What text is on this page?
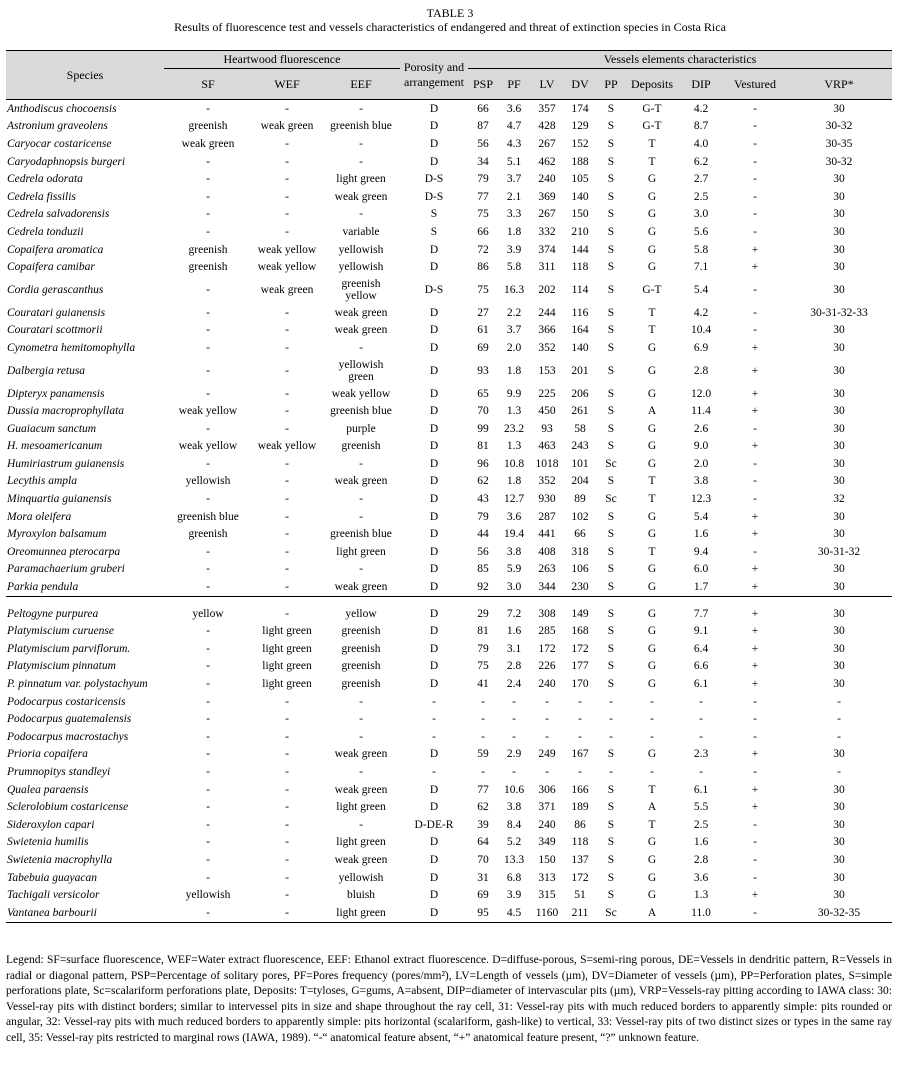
TABLE 3
Results of fluorescence test and vessels characteristics of endangered and threat of extinction species in Costa Rica
Species	Heartwood fluorescence			Porosity and
arrangement	Vessels elements characteristics								
	SF	WEF	EEF		PSP	PF	LV	DV	PP	Deposits	DIP	Vestured	VRP*
Anthodiscus chocoensis	-	-	-	D	66	3.6	357	174	S	G-T	4.2	-	30
Astronium graveolens	greenish	weak green	greenish blue	D	87	4.7	428	129	S	G-T	8.7	-	30-32
Caryocar costaricense	weak green	-	-	D	56	4.3	267	152	S	T	4.0	-	30-35
Caryodaphnopsis burgeri	-	-	-	D	34	5.1	462	188	S	T	6.2	-	30-32
Cedrela odorata	-	-	light green	D-S	79	3.7	240	105	S	G	2.7	-	30
Cedrela fissilis	-	-	weak green	D-S	77	2.1	369	140	S	G	2.5	-	30
Cedrela salvadorensis	-	-	-	S	75	3.3	267	150	S	G	3.0	-	30
Cedrela tonduzii	-	-	variable	S	66	1.8	332	210	S	G	5.6	-	30
Copaifera aromatica	greenish	weak yellow	yellowish	D	72	3.9	374	144	S	G	5.8	+	30
Copaifera camibar	greenish	weak yellow	yellowish	D	86	5.8	311	118	S	G	7.1	+	30
Cordia gerascanthus	-	weak green	greenish yellow	D-S	75	16.3	202	114	S	G-T	5.4	-	30
Couratari guianensis	-	-	weak green	D	27	2.2	244	116	S	T	4.2	-	30-31-32-33
Couratari scottmorii	-	-	weak green	D	61	3.7	366	164	S	T	10.4	-	30
Cynometra hemitomophylla	-	-	-	D	69	2.0	352	140	S	G	6.9	+	30
Dalbergia retusa	-	-	yellowish green	D	93	1.8	153	201	S	G	2.8	+	30
Dipteryx panamensis	-	-	weak yellow	D	65	9.9	225	206	S	G	12.0	+	30
Dussia macroprophyllata	weak yellow	-	greenish blue	D	70	1.3	450	261	S	A	11.4	+	30
Guaiacum sanctum	-	-	purple	D	99	23.2	93	58	S	G	2.6	-	30
H. mesoamericanum	weak yellow	weak yellow	greenish	D	81	1.3	463	243	S	G	9.0	+	30
Humiriastrum guianensis	-	-	-	D	96	10.8	1018	101	Sc	G	2.0	-	30
Lecythis ampla	yellowish	-	weak green	D	62	1.8	352	204	S	T	3.8	-	30
Minquartia guianensis	-	-	-	D	43	12.7	930	89	Sc	T	12.3	-	32
Mora oleifera	greenish blue	-	-	D	79	3.6	287	102	S	G	5.4	+	30
Myroxylon balsamum	greenish	-	greenish blue	D	44	19.4	441	66	S	G	1.6	+	30
Oreomunnea pterocarpa	-	-	light green	D	56	3.8	408	318	S	T	9.4	-	30-31-32
Paramachaerium gruberi	-	-	-	D	85	5.9	263	106	S	G	6.0	+	30
Parkia pendula	-	-	weak green	D	92	3.0	344	230	S	G	1.7	+	30

Peltogyne purpurea	yellow	-	yellow	D	29	7.2	308	149	S	G	7.7	+	30
Platymiscium curuense	-	light green	greenish	D	81	1.6	285	168	S	G	9.1	+	30
Platymiscium parviflorum.	-	light green	greenish	D	79	3.1	172	172	S	G	6.4	+	30
Platymiscium pinnatum	-	light green	greenish	D	75	2.8	226	177	S	G	6.6	+	30
P. pinnatum var. polystachyum	-	light green	greenish	D	41	2.4	240	170	S	G	6.1	+	30
Podocarpus costaricensis	-	-	-	-	-	-	-	-	-	-	-	-	-
Podocarpus guatemalensis	-	-	-	-	-	-	-	-	-	-	-	-	-
Podocarpus macrostachys	-	-	-	-	-	-	-	-	-	-	-	-	-
Prioria copaifera	-	-	weak green	D	59	2.9	249	167	S	G	2.3	+	30
Prumnopitys standleyi	-	-	-	-	-	-	-	-	-	-	-	-	-
Qualea paraensis	-	-	weak green	D	77	10.6	306	166	S	T	6.1	+	30
Sclerolobium costaricense	-	-	light green	D	62	3.8	371	189	S	A	5.5	+	30
Sideroxylon capari	-	-	-	D-DE-R	39	8.4	240	86	S	T	2.5	-	30
Swietenia humilis	-	-	light green	D	64	5.2	349	118	S	G	1.6	-	30
Swietenia macrophylla	-	-	weak green	D	70	13.3	150	137	S	G	2.8	-	30
Tabebuia guayacan	-	-	yellowish	D	31	6.8	313	172	S	G	3.6	-	30
Tachigali versicolor	yellowish	-	bluish	D	69	3.9	315	51	S	G	1.3	+	30
Vantanea barbourii	-	-	light green	D	95	4.5	1160	211	Sc	A	11.0	-	30-32-35
Legend: SF=surface fluorescence, WEF=Water extract fluorescence, EEF: Ethanol extract fluorescence. D=diffuse-porous, S=semi-ring porous, DE=Vessels in dendritic pattern, R=Vessels in radial or diagonal pattern, PSP=Percentage of solitary pores, PF=Pores frequency (pores/mm²), LV=Length of vessels (µm), DV=Diameter of vessels (µm), PP=Perforation plates, S=simple perforations plate, Sc=scalariform perforations plate, Deposits: T=tyloses, G=gums, A=absent, DIP=diameter of intervascular pits (µm), VRP=Vessels-ray pitting according to IAWA class: 30: Vessel-ray pits with distinct borders; similar to intervessel pits in size and shape throughout the ray cell, 31: Vessel-ray pits with much reduced borders to apparently simple: pits rounded or angular, 32: Vessel-ray pits with much reduced borders to apparently simple: pits horizontal (scalariform, gash-like) to vertical, 33: Vessel-ray pits of two distinct sizes or types in the same ray cell, 35: Vessel-ray pits restricted to marginal rows (IAWA, 1989). “-“ anatomical feature absent, “+” anatomical feature present, “?” unknown feature.
